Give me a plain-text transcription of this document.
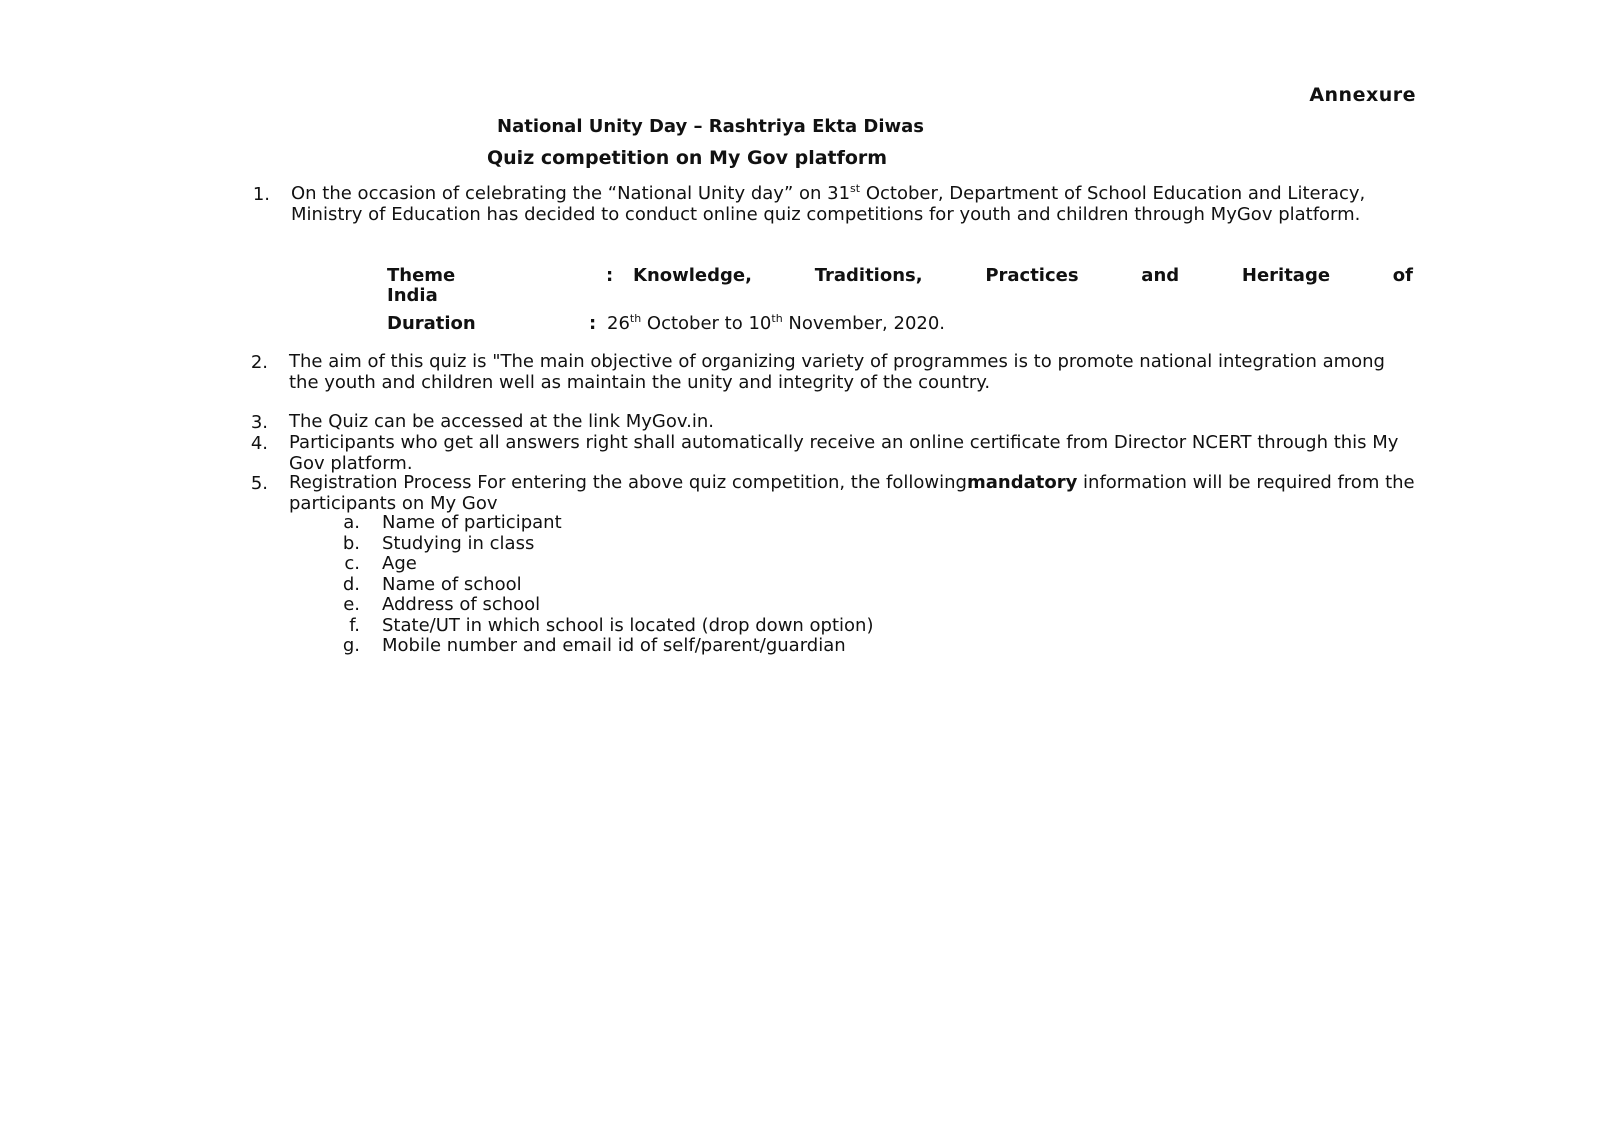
Annexure
National Unity Day – Rashtriya Ekta Diwas
Quiz competition on My Gov platform
1. On the occasion of celebrating the “National Unity day” on 31st October, Department of School Education and Literacy, Ministry of Education has decided to conduct online quiz competitions for youth and children through MyGov platform.
Theme	: Knowledge, Traditions, Practices and Heritage of
India
Duration	: 26th October to 10th November, 2020.
2. The aim of this quiz is "The main objective of organizing variety of programmes is to promote national integration among the youth and children well as maintain the unity and integrity of the country.
3. The Quiz can be accessed at the link MyGov.in.
4. Participants who get all answers right shall automatically receive an online certificate from Director NCERT through this My Gov platform.
5. Registration Process For entering the above quiz competition, the followingmandatory information will be required from the participants on My Gov
a. Name of participant
b. Studying in class
c. Age
d. Name of school
e. Address of school
f. State/UT in which school is located (drop down option)
g. Mobile number and email id of self/parent/guardian
